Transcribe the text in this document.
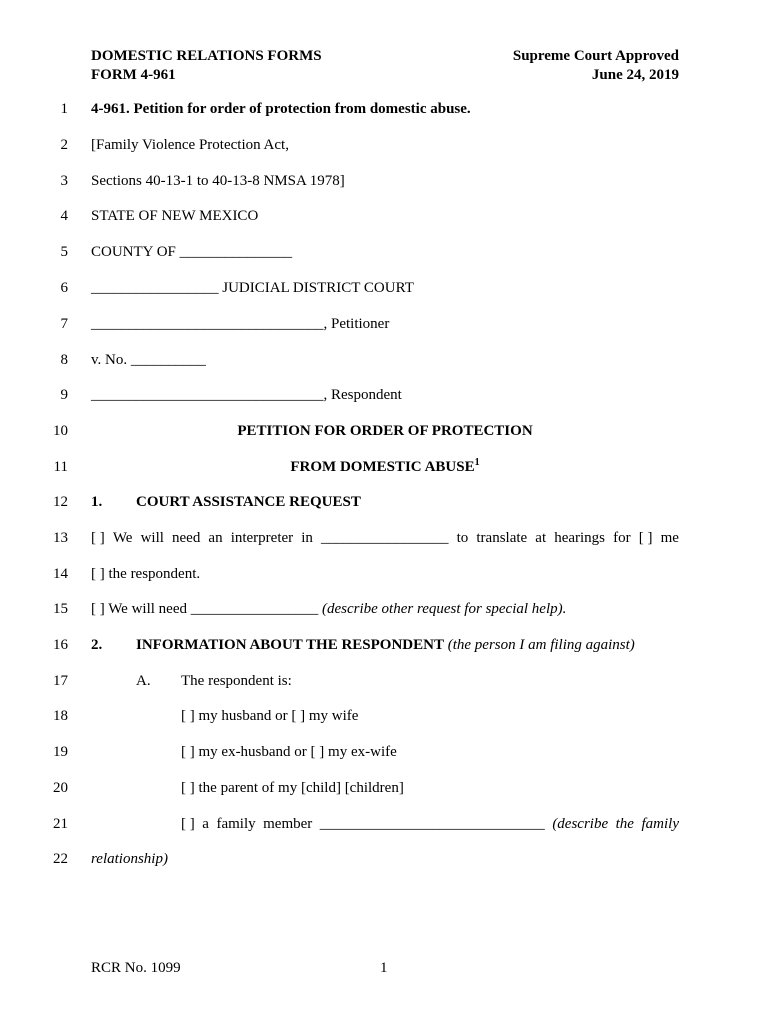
DOMESTIC RELATIONS FORMS
FORM 4-961
Supreme Court Approved
June 24, 2019
1 4-961. Petition for order of protection from domestic abuse.
2 [Family Violence Protection Act,
3 Sections 40-13-1 to 40-13-8 NMSA 1978]
4 STATE OF NEW MEXICO
5 COUNTY OF _______________
6 _________________ JUDICIAL DISTRICT COURT
7 _______________________________, Petitioner
8 v. No. __________
9 _______________________________, Respondent
10	PETITION FOR ORDER OF PROTECTION
11	FROM DOMESTIC ABUSE$^1$
12 1. COURT ASSISTANCE REQUEST
13 [ ] We will need an interpreter in _________________ to translate at hearings for [ ] me
14 [ ] the respondent.
15 [ ] We will need _________________ (describe other request for special help).
16 2. INFORMATION ABOUT THE RESPONDENT (the person I am filing against)
17	A. The respondent is:
18	[ ] my husband or [ ] my wife
19	[ ] my ex-husband or [ ] my ex-wife
20	[ ] the parent of my [child] [children]
21	[ ] a family member ______________________________ (describe the family
22 relationship)
RCR No. 1099	1
